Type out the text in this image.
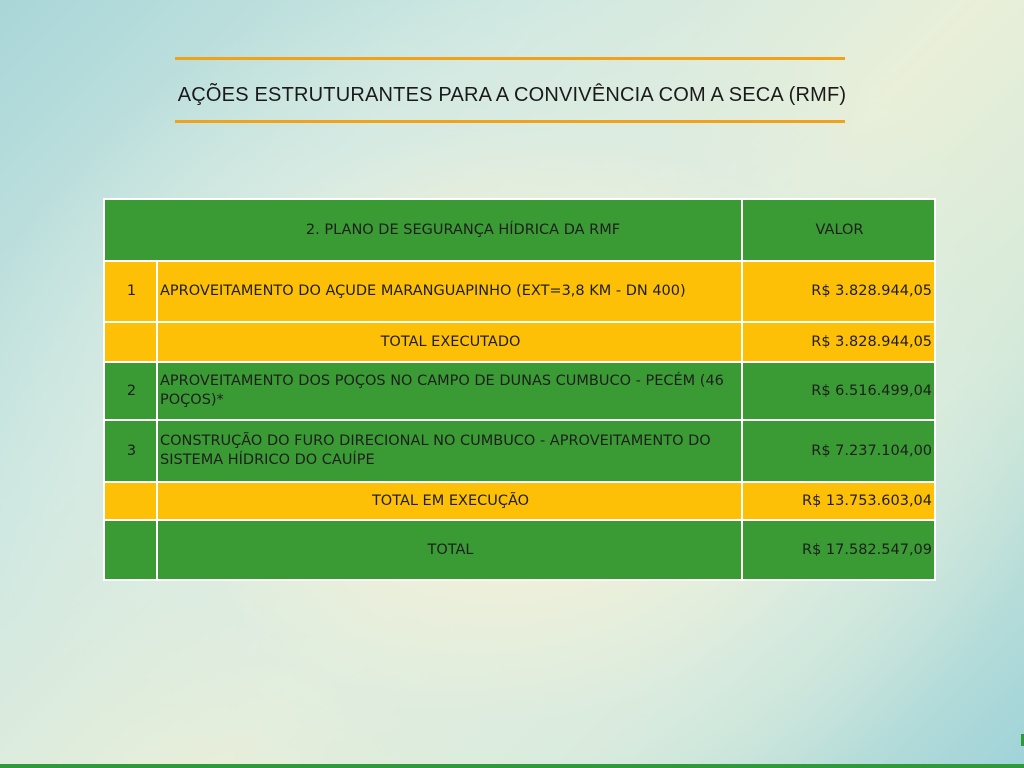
AÇÕES ESTRUTURANTES PARA A CONVIVÊNCIA COM A SECA (RMF)
2. PLANO DE SEGURANÇA HÍDRICA DA RMF		VALOR
1	APROVEITAMENTO DO AÇUDE MARANGUAPINHO (EXT=3,8 KM - DN 400)	R$ 3.828.944,05
	TOTAL EXECUTADO	R$ 3.828.944,05
2	APROVEITAMENTO DOS POÇOS NO CAMPO DE DUNAS CUMBUCO - PECÉM (46 POÇOS)*	R$ 6.516.499,04
3	CONSTRUÇÃO DO FURO DIRECIONAL NO CUMBUCO - APROVEITAMENTO DO SISTEMA HÍDRICO DO CAUÍPE	R$ 7.237.104,00
	TOTAL EM EXECUÇÃO	R$ 13.753.603,04
	TOTAL	R$ 17.582.547,09
